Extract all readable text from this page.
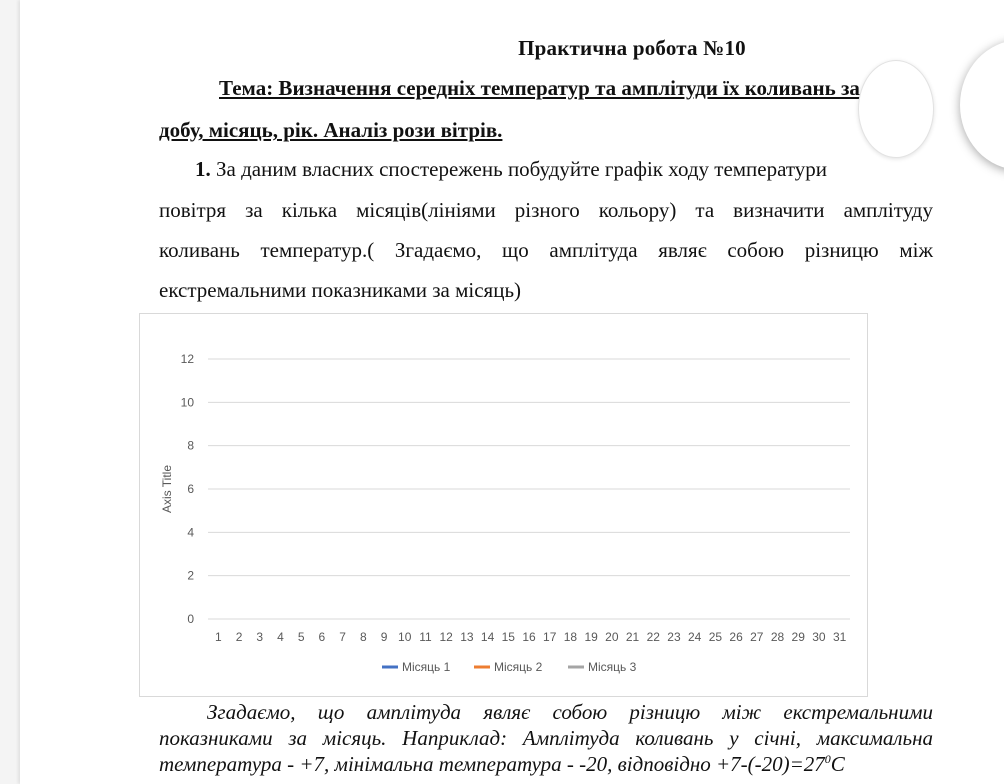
Практична робота №10
Тема: Визначення середніх температур та амплітуди їх коливань за
добу, місяць, рік. Аналіз рози вітрів.
1. За даним власних спостережень побудуйте графік ходу температури
повітря за кілька місяців(лініями різного кольору) та визначити амплітуду
коливань температур.( Згадаємо, що амплітуда являє собою різницю між
екстремальними показниками за місяць)
0
2
4
6
8
10
12
1 2 3 4 5 6 7 8 9 10 11 12 13 14 15 16 17 18 19 20 21 22 23 24 25 26 27 28 29 30 31
Axis Title
Місяць 1	Місяць 2	Місяць 3
Згадаємо, що амплітуда являє собою різницю між екстремальними
показниками за місяць. Наприклад: Амплітуда коливань у січні, максимальна
температура - +7, мінімальна температура - -20, відповідно $+7-(-20)=27^0С$
